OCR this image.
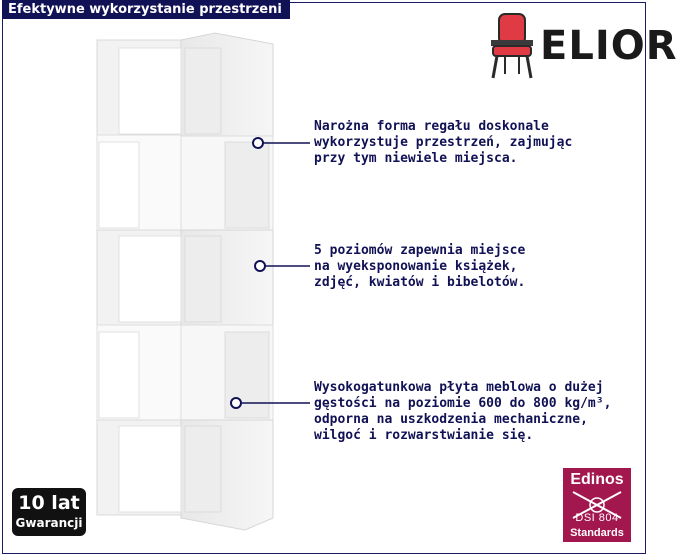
Efektywne wykorzystanie przestrzeni
ELIOR

Narożna forma regału doskonale

wykorzystuje przestrzeń, zajmując

przy tym niewiele miejsca.

5 poziomów zapewnia miejsce

na wyeksponowanie książek,

zdjęć, kwiatów i bibelotów.

Wysokogatunkowa płyta meblowa o dużej

gęstości na poziomie 600 do 800 kg/m³,

odporna na uszkodzenia mechaniczne,

wilgoć i rozwarstwianie się.

10 lat
Gwarancji
Edinos
DSI 804
Standards
